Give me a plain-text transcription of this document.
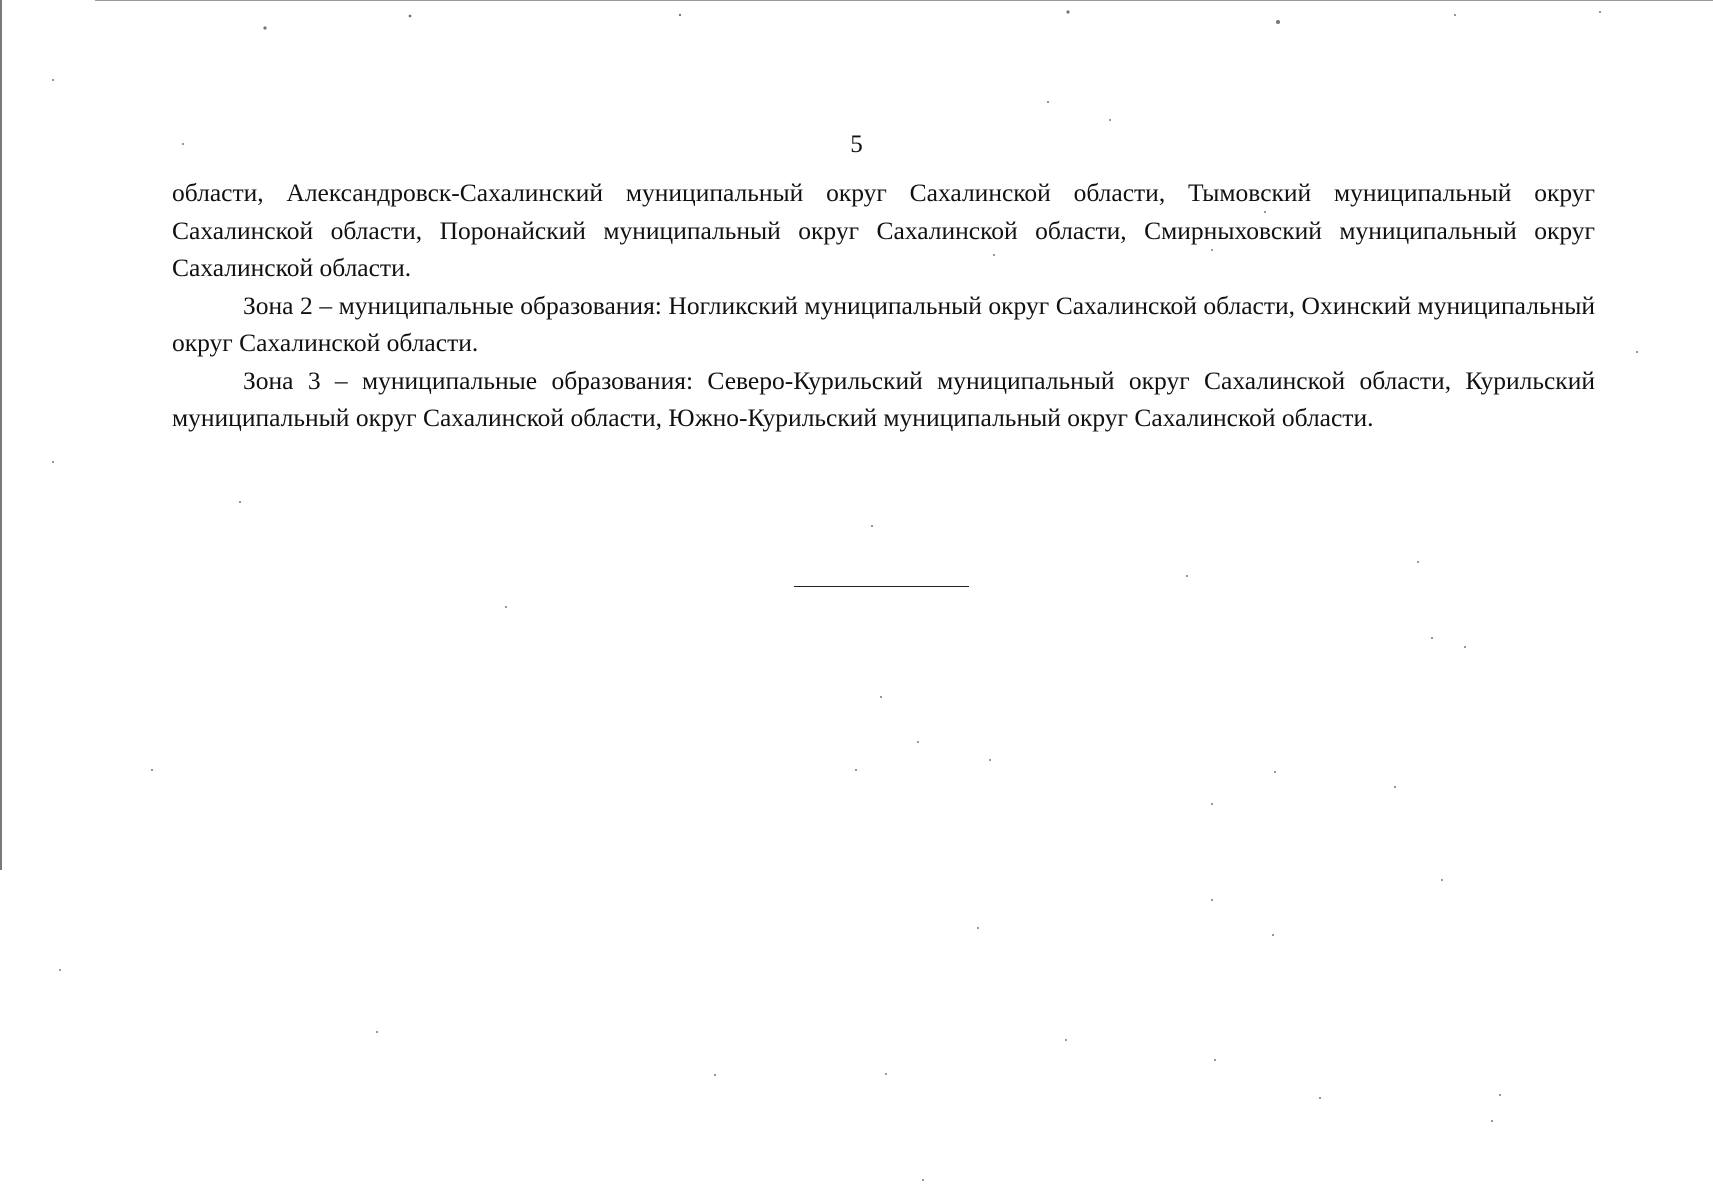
5

области, Александровск-Сахалинский муниципальный округ Сахалинской области, Тымовский муниципальный округ Сахалинской области, Поронайский муниципальный округ Сахалинской области, Смирныховский муниципальный округ Сахалинской области.

Зона 2 – муниципальные образования: Ногликский муниципальный округ Сахалинской области, Охинский муниципальный округ Сахалинской области.

Зона 3 – муниципальные образования: Северо-Курильский муниципальный округ Сахалинской области, Курильский муниципальный округ Сахалинской области, Южно-Курильский муниципальный округ Сахалинской области.
